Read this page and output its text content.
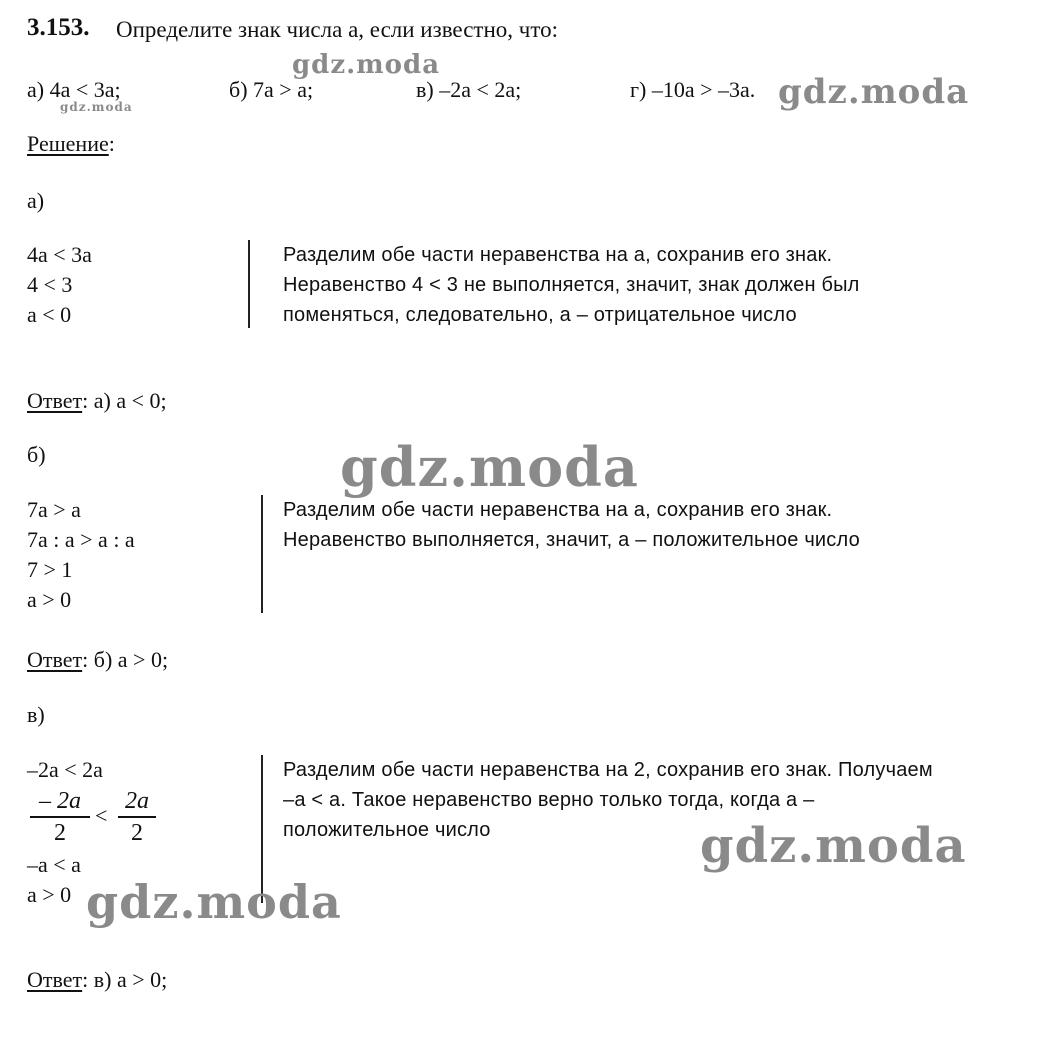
3.153. Определите знак числа a, если известно, что:
а) 4a < 3a;	б) 7a > a;	в) –2a < 2a;	г) –10a > –3a.
Решение:
а)
4a < 3a
4 < 3
a < 0
Разделим обе части неравенства на a, сохранив его знак.
Неравенство 4 < 3 не выполняется, значит, знак должен был
поменяться, следовательно, a – отрицательное число
Ответ: а) a < 0;
б)
7a > a
7a : a > a : a
7 > 1
a > 0
Разделим обе части неравенства на a, сохранив его знак.
Неравенство выполняется, значит, a – положительное число
Ответ: б) a > 0;
в)
–2a < 2a
– 2a
2
<
2a
2
–a < a
a > 0
Разделим обе части неравенства на 2, сохранив его знак. Получаем
–a < a. Такое неравенство верно только тогда, когда a –
положительное число
Ответ: в) a > 0;
gdz.moda
gdz.moda	gdz.moda
gdz.moda
gdz.moda
gdz.moda
